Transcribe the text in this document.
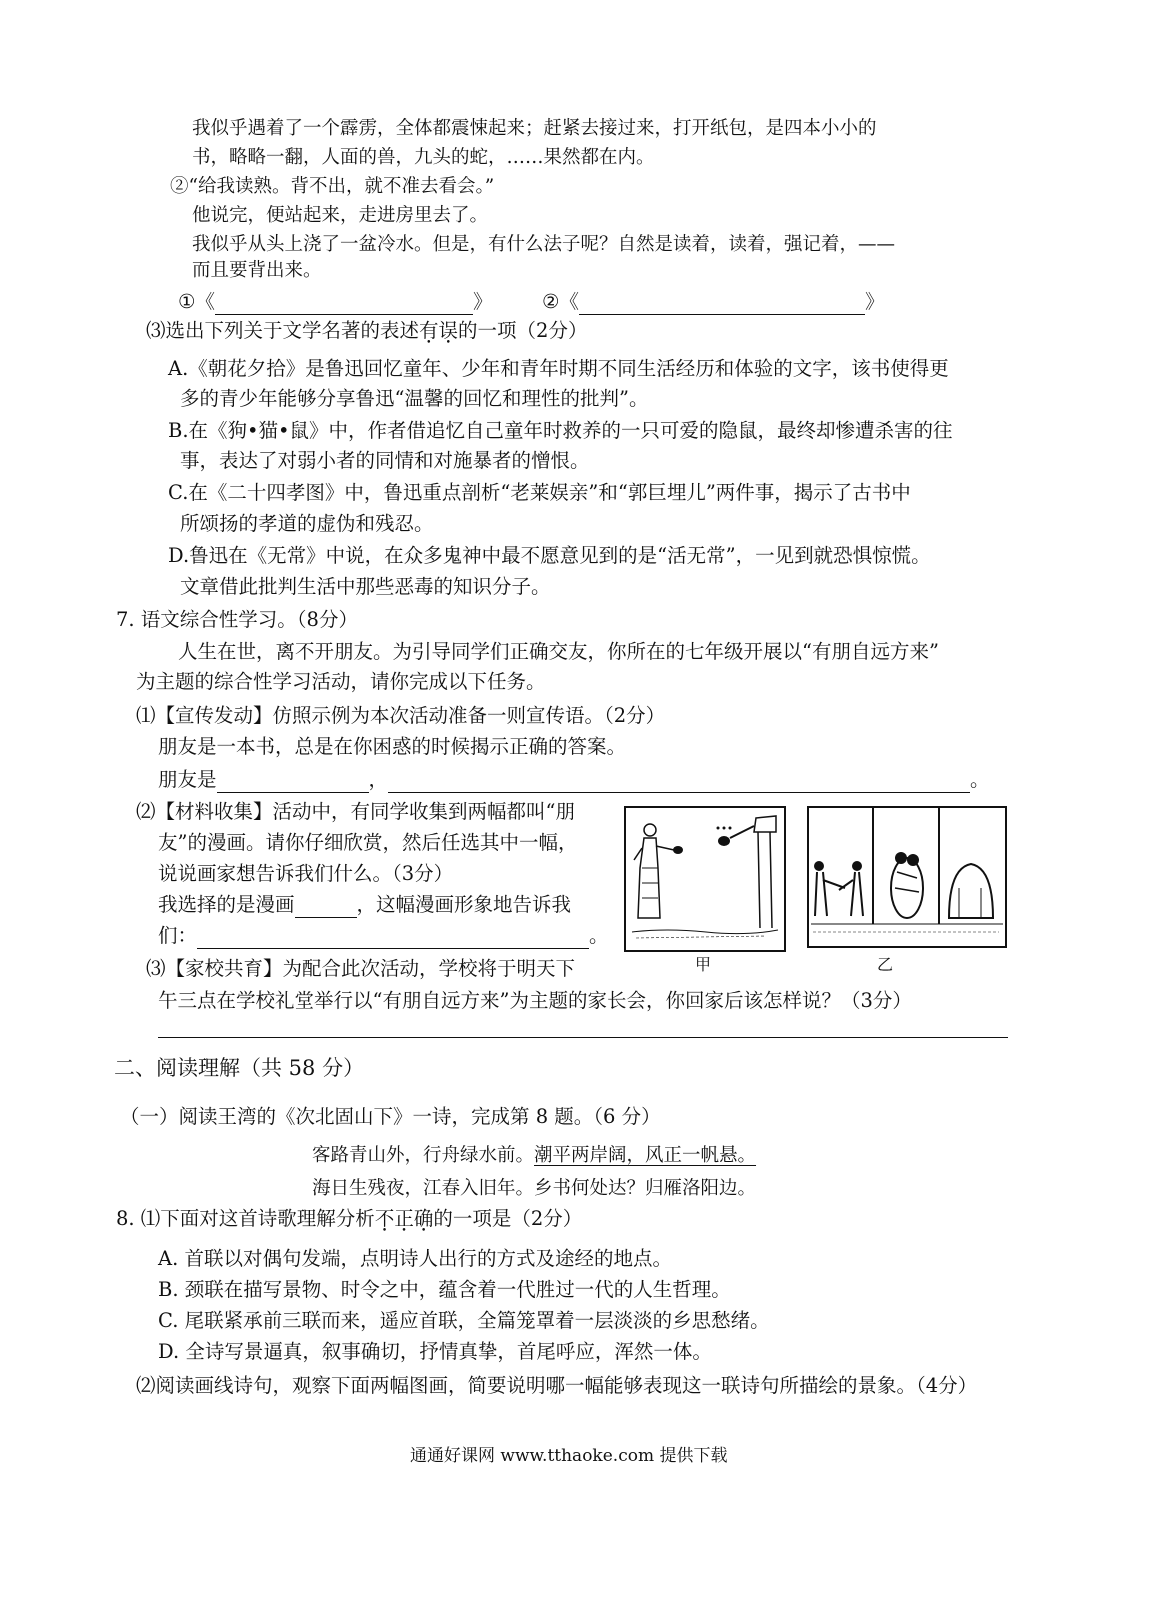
我似乎遇着了一个霹雳，全体都震悚起来；赶紧去接过来，打开纸包，是四本小小的
书，略略一翻，人面的兽，九头的蛇，……果然都在内。
②“给我读熟。背不出，就不准去看会。”
他说完，便站起来，走进房里去了。
我似乎从头上浇了一盆冷水。但是，有什么法子呢？自然是读着，读着，强记着，——
而且要背出来。
①《	》	②《	》
⑶选出下列关于文学名著的表述有误的一项（2分）
A.《朝花夕拾》是鲁迅回忆童年、少年和青年时期不同生活经历和体验的文字，该书使得更
多的青少年能够分享鲁迅“温馨的回忆和理性的批判”。
B.在《狗•猫•鼠》中，作者借追忆自己童年时救养的一只可爱的隐鼠，最终却惨遭杀害的往
事，表达了对弱小者的同情和对施暴者的憎恨。
C.在《二十四孝图》中，鲁迅重点剖析“老莱娱亲”和“郭巨埋儿”两件事，揭示了古书中
所颂扬的孝道的虚伪和残忍。
D.鲁迅在《无常》中说，在众多鬼神中最不愿意见到的是“活无常”，一见到就恐惧惊慌。
文章借此批判生活中那些恶毒的知识分子。
7. 语文综合性学习。（8分）
人生在世，离不开朋友。为引导同学们正确交友，你所在的七年级开展以“有朋自远方来”
为主题的综合性学习活动，请你完成以下任务。
⑴【宣传发动】仿照示例为本次活动准备一则宣传语。（2分）
朋友是一本书，总是在你困惑的时候揭示正确的答案。
朋友是	，	。
⑵【材料收集】活动中，有同学收集到两幅都叫“朋
友”的漫画。请你仔细欣赏，然后任选其中一幅，
说说画家想告诉我们什么。（3分）
我选择的是漫画	，这幅漫画形象地告诉我
们：	。
甲	乙
⑶【家校共育】为配合此次活动，学校将于明天下
午三点在学校礼堂举行以“有朋自远方来”为主题的家长会，你回家后该怎样说？（3分）
二、阅读理解（共 58 分）
（一）阅读王湾的《次北固山下》一诗，完成第 8 题。（6 分）
客路青山外，行舟绿水前。潮平两岸阔，风正一帆悬。
海日生残夜，江春入旧年。乡书何处达？归雁洛阳边。
8. ⑴下面对这首诗歌理解分析不正确的一项是（2分）
A. 首联以对偶句发端，点明诗人出行的方式及途经的地点。
B. 颈联在描写景物、时令之中，蕴含着一代胜过一代的人生哲理。
C. 尾联紧承前三联而来，遥应首联，全篇笼罩着一层淡淡的乡思愁绪。
D. 全诗写景逼真，叙事确切，抒情真挚，首尾呼应，浑然一体。
⑵阅读画线诗句，观察下面两幅图画，简要说明哪一幅能够表现这一联诗句所描绘的景象。（4分）
通通好课网 www.tthaoke.com 提供下载
